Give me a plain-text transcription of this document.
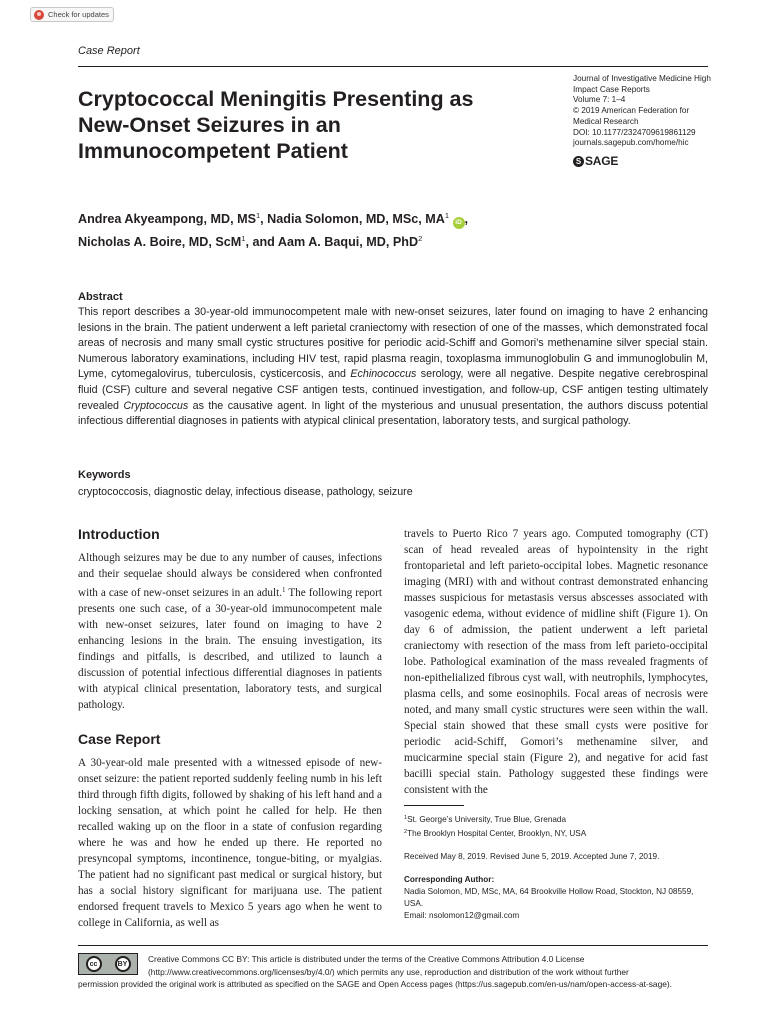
Check for updates
Case Report
Cryptococcal Meningitis Presenting as New-Onset Seizures in an Immunocompetent Patient
Journal of Investigative Medicine High
Impact Case Reports
Volume 7: 1–4
© 2019 American Federation for
Medical Research
DOI: 10.1177/2324709619861129
journals.sagepub.com/home/hic
S SAGE
Andrea Akyeampong, MD, $MS^1$, Nadia Solomon, MD, MSc, $MA^1$ iD ,
Nicholas A. Boire, MD, ScM$^1$, and Aam A. Baqui, MD, PhD$^2$
Abstract

This report describes a 30-year-old immunocompetent male with new-onset seizures, later found on imaging to have 2 enhancing lesions in the brain. The patient underwent a left parietal craniectomy with resection of one of the masses, which demonstrated focal areas of necrosis and many small cystic structures positive for periodic acid-Schiff and Gomori’s methenamine silver special stain. Numerous laboratory examinations, including HIV test, rapid plasma reagin, toxoplasma immunoglobulin G and immunoglobulin M, Lyme, cytomegalovirus, tuberculosis, cysticercosis, and Echinococcus serology, were all negative. Despite negative cerebrospinal fluid (CSF) culture and several negative CSF antigen tests, continued investigation, and follow-up, CSF antigen testing ultimately revealed Cryptococcus as the causative agent. In light of the mysterious and unusual presentation, the authors discuss potential infectious differential diagnoses in patients with atypical clinical presentation, laboratory tests, and surgical pathology.

Keywords
cryptococcosis, diagnostic delay, infectious disease, pathology, seizure
Introduction

Although seizures may be due to any number of causes, infections and their sequelae should always be considered when confronted with a case of new-onset seizures in an adult.$^1$ The following report presents one such case, of a 30-year-old immunocompetent male with new-onset seizures, later found on imaging to have 2 enhancing lesions in the brain. The ensuing investigation, its findings and pitfalls, is described, and utilized to launch a discussion of potential infectious differential diagnoses in patients with atypical clinical presentation, laboratory tests, and surgical pathology.

Case Report

A 30-year-old male presented with a witnessed episode of new-onset seizure: the patient reported suddenly feeling numb in his left third through fifth digits, followed by shaking of his left hand and a locking sensation, at which point he called for help. He then recalled waking up on the floor in a state of confusion regarding where he was and how he ended up there. He reported no presyncopal symptoms, incontinence, tongue-biting, or myalgias. The patient had no significant past medical or surgical history, but has a social history significant for marijuana use. The patient endorsed frequent travels to Mexico 5 years ago when he went to college in California, as well as

travels to Puerto Rico 7 years ago. Computed tomography (CT) scan of head revealed areas of hypointensity in the right frontoparietal and left parieto-occipital lobes. Magnetic resonance imaging (MRI) with and without contrast demonstrated enhancing masses suspicious for metastasis versus abscesses associated with vasogenic edema, without evidence of midline shift (Figure 1). On day 6 of admission, the patient underwent a left parietal craniectomy with resection of the mass from left parieto-occipital lobe. Pathological examination of the mass revealed fragments of non-epithelialized fibrous cyst wall, with neutrophils, lymphocytes, plasma cells, and some eosinophils. Focal areas of necrosis were noted, and many small cystic structures were seen within the wall. Special stain showed that these small cysts were positive for periodic acid-Schiff, Gomori’s methenamine silver, and mucicarmine special stain (Figure 2), and negative for acid fast bacilli special stain. Pathology suggested these findings were consistent with the

$^1$St. George’s University, True Blue, Grenada
$^2$The Brooklyn Hospital Center, Brooklyn, NY, USA
Received May 8, 2019. Revised June 5, 2019. Accepted June 7, 2019.
Corresponding Author:
Nadia Solomon, MD, MSc, MA, 64 Brookville Hollow Road, Stockton, NJ 08559, USA.
Email: nsolomon12@gmail.com
cc	BY	Creative Commons CC BY: This article is distributed under the terms of the Creative Commons Attribution 4.0 License (http://www.creativecommons.org/licenses/by/4.0/) which permits any use, reproduction and distribution of the work without further
permission provided the original work is attributed as specified on the SAGE and Open Access pages (https://us.sagepub.com/en-us/nam/open-access-at-sage).
